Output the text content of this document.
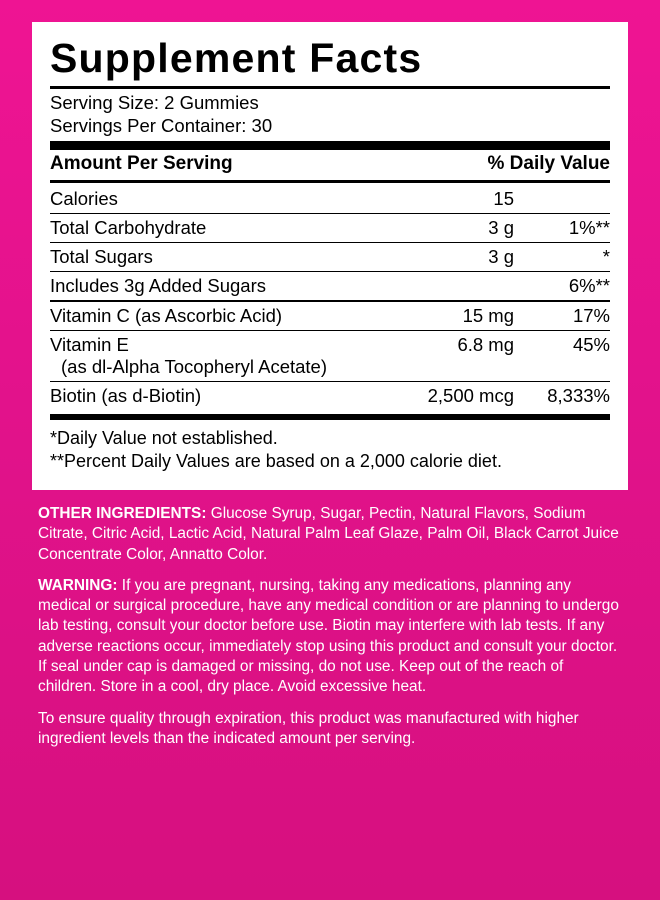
Supplement Facts
Serving Size: 2 Gummies
Servings Per Container: 30
Amount Per Serving		% Daily Value
Calories	15	
Total Carbohydrate	3 g	1%**
Total Sugars	3 g	*
Includes 3g Added Sugars		6%**
Vitamin C (as Ascorbic Acid)	15 mg	17%
Vitamin E
(as dl-Alpha Tocopheryl Acetate)	6.8 mg	45%
Biotin (as d-Biotin)	2,500 mcg	8,333%
*Daily Value not established.
**Percent Daily Values are based on a 2,000 calorie diet.

OTHER INGREDIENTS: Glucose Syrup, Sugar, Pectin, Natural Flavors, Sodium Citrate, Citric Acid, Lactic Acid, Natural Palm Leaf Glaze, Palm Oil, Black Carrot Juice Concentrate Color, Annatto Color.

WARNING: If you are pregnant, nursing, taking any medications, planning any medical or surgical procedure, have any medical condition or are planning to undergo lab testing, consult your doctor before use. Biotin may interfere with lab tests. If any adverse reactions occur, immediately stop using this product and consult your doctor. If seal under cap is damaged or missing, do not use. Keep out of the reach of children. Store in a cool, dry place. Avoid excessive heat.

To ensure quality through expiration, this product was manufactured with higher ingredient levels than the indicated amount per serving.
